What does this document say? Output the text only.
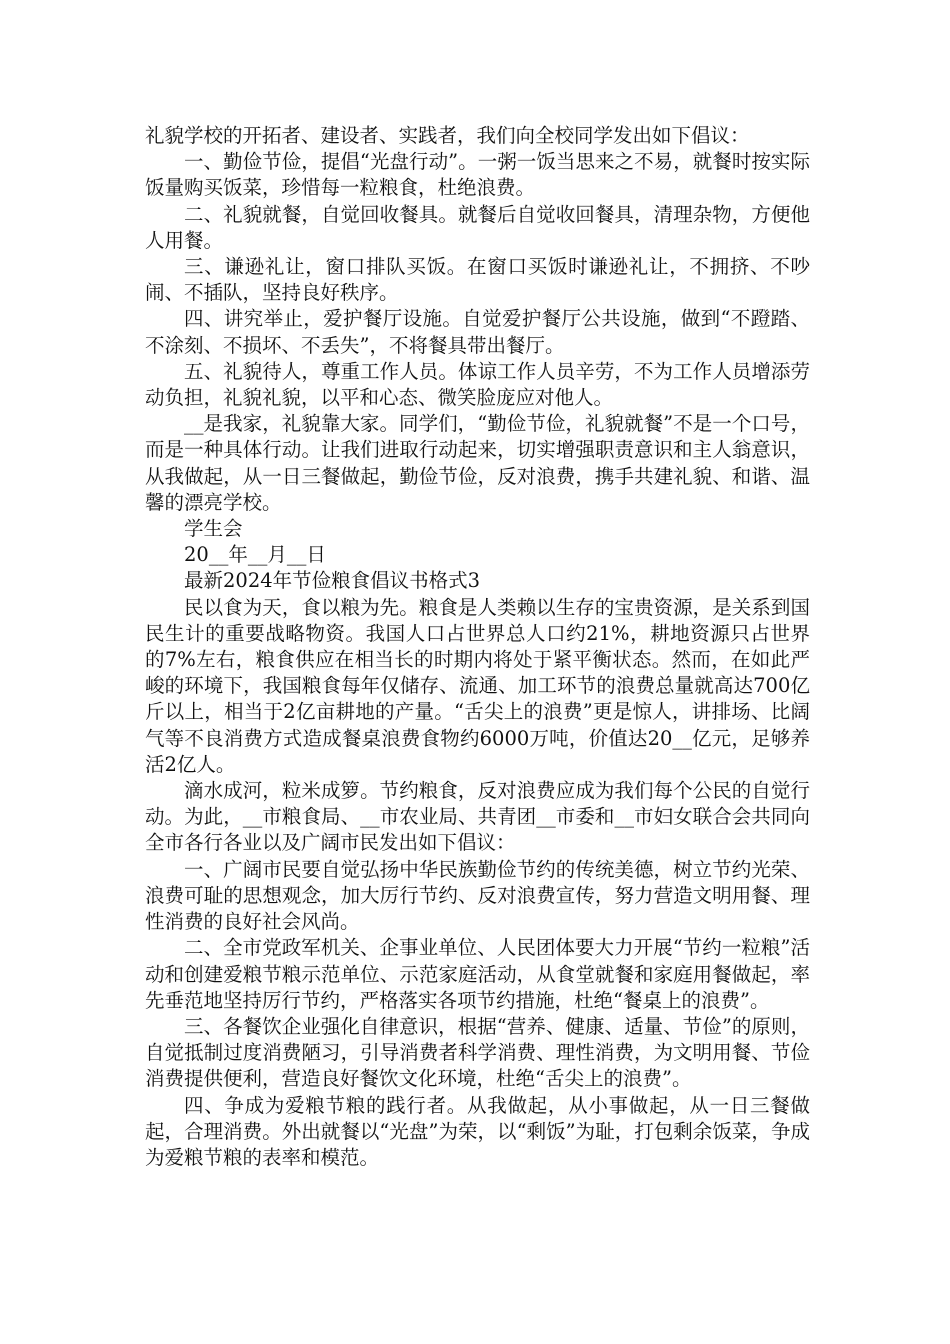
礼貌学校的开拓者、建设者、实践者，我们向全校同学发出如下倡议：

一、勤俭节俭，提倡“光盘行动”。一粥一饭当思来之不易，就餐时按实际饭量购买饭菜，珍惜每一粒粮食，杜绝浪费。

二、礼貌就餐，自觉回收餐具。就餐后自觉收回餐具，清理杂物，方便他人用餐。

三、谦逊礼让，窗口排队买饭。在窗口买饭时谦逊礼让，不拥挤、不吵闹、不插队，坚持良好秩序。

四、讲究举止，爱护餐厅设施。自觉爱护餐厅公共设施，做到“不蹬踏、不涂刻、不损坏、不丢失”，不将餐具带出餐厅。

五、礼貌待人，尊重工作人员。体谅工作人员辛劳，不为工作人员增添劳动负担，礼貌礼貌，以平和心态、微笑脸庞应对他人。

__是我家，礼貌靠大家。同学们，“勤俭节俭，礼貌就餐”不是一个口号，而是一种具体行动。让我们进取行动起来，切实增强职责意识和主人翁意识，从我做起，从一日三餐做起，勤俭节俭，反对浪费，携手共建礼貌、和谐、温馨的漂亮学校。

学生会

20__年__月__日

最新2024年节俭粮食倡议书格式3

民以食为天，食以粮为先。粮食是人类赖以生存的宝贵资源，是关系到国民生计的重要战略物资。我国人口占世界总人口约21%，耕地资源只占世界的7%左右，粮食供应在相当长的时期内将处于紧平衡状态。然而，在如此严峻的环境下，我国粮食每年仅储存、流通、加工环节的浪费总量就高达700亿斤以上，相当于2亿亩耕地的产量。“舌尖上的浪费”更是惊人，讲排场、比阔气等不良消费方式造成餐桌浪费食物约6000万吨，价值达20__亿元，足够养活2亿人。

滴水成河，粒米成箩。节约粮食，反对浪费应成为我们每个公民的自觉行动。为此，__市粮食局、__市农业局、共青团__市委和__市妇女联合会共同向全市各行各业以及广阔市民发出如下倡议：

一、广阔市民要自觉弘扬中华民族勤俭节约的传统美德，树立节约光荣、浪费可耻的思想观念，加大厉行节约、反对浪费宣传，努力营造文明用餐、理性消费的良好社会风尚。

二、全市党政军机关、企事业单位、人民团体要大力开展“节约一粒粮”活动和创建爱粮节粮示范单位、示范家庭活动，从食堂就餐和家庭用餐做起，率先垂范地坚持厉行节约，严格落实各项节约措施，杜绝“餐桌上的浪费”。

三、各餐饮企业强化自律意识，根据“营养、健康、适量、节俭”的原则，自觉抵制过度消费陋习，引导消费者科学消费、理性消费，为文明用餐、节俭消费提供便利，营造良好餐饮文化环境，杜绝“舌尖上的浪费”。

四、争成为爱粮节粮的践行者。从我做起，从小事做起，从一日三餐做起，合理消费。外出就餐以“光盘”为荣，以“剩饭”为耻，打包剩余饭菜，争成为爱粮节粮的表率和模范。
